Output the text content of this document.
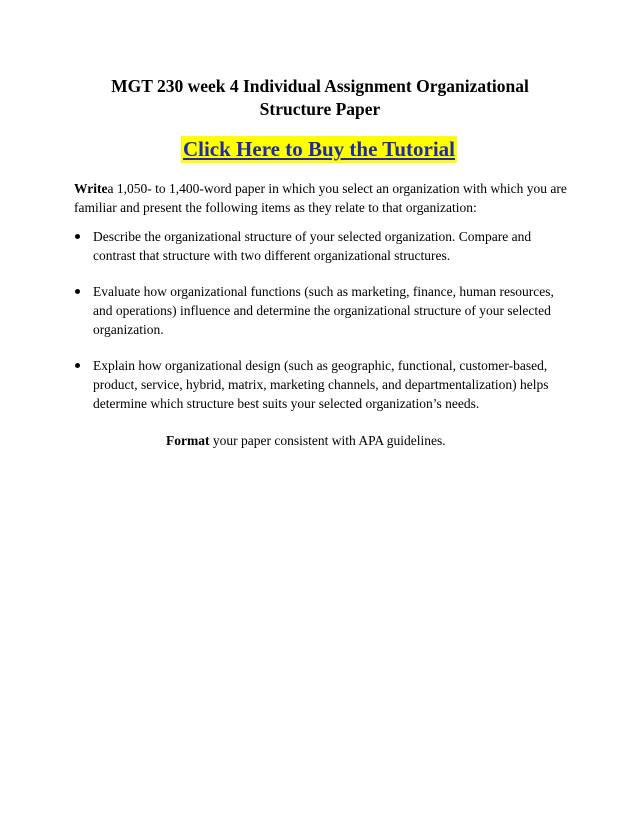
MGT 230 week 4 Individual Assignment Organizational
Structure Paper
Click Here to Buy the Tutorial
Writea 1,050- to 1,400-word paper in which you select an organization with which you are familiar and present the following items as they relate to that organization:
Describe the organizational structure of your selected organization. Compare and contrast that structure with two different organizational structures.
Evaluate how organizational functions (such as marketing, finance, human resources, and operations) influence and determine the organizational structure of your selected organization.
Explain how organizational design (such as geographic, functional, customer-based, product, service, hybrid, matrix, marketing channels, and departmentalization) helps determine which structure best suits your selected organization’s needs.
Format your paper consistent with APA guidelines.
